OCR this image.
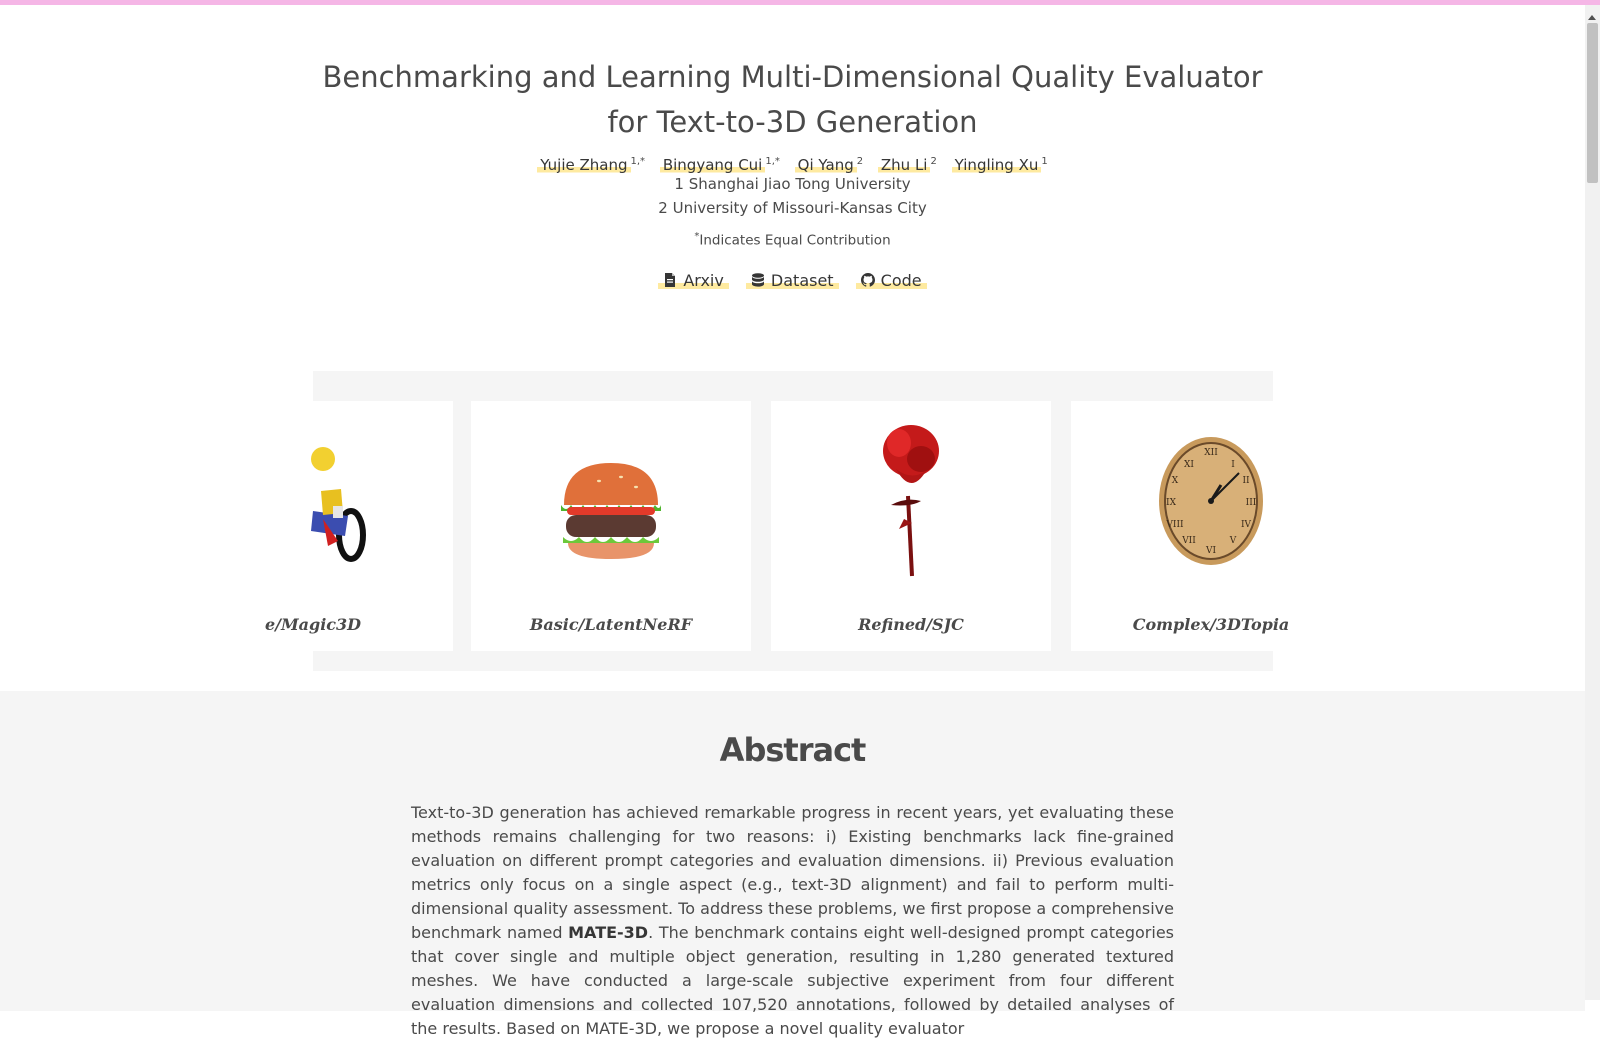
Benchmarking and Learning Multi-Dimensional Quality Evaluator
for Text-to-3D Generation
Yujie Zhang $^{1,*}$ Bingyang Cui $^{1,*}$ Qi Yang $^2$ Zhu Li $^2$ Yingling Xu $^1$
1 Shanghai Jiao Tong University
2 University of Missouri-Kansas City
*Indicates Equal Contribution
Arxiv	Dataset	Code
e/Magic3D	Basic/LatentNeRF	Refined/SJC
XII
VI
IX	III
I
II
IV
V
VII
VIII
X
XI
Complex/3DTopia
Abstract
Text-to-3D generation has achieved remarkable progress in recent years, yet evaluating these methods remains challenging for two reasons: i) Existing benchmarks lack fine-grained evaluation on different prompt categories and evaluation dimensions. ii) Previous evaluation metrics only focus on a single aspect (e.g., text-3D alignment) and fail to perform multi-dimensional quality assessment. To address these problems, we first propose a comprehensive benchmark named MATE-3D. The benchmark contains eight well-designed prompt categories that cover single and multiple object generation, resulting in 1,280 generated textured meshes. We have conducted a large-scale subjective experiment from four different evaluation dimensions and collected 107,520 annotations, followed by detailed analyses of the results. Based on MATE-3D, we propose a novel quality evaluator
